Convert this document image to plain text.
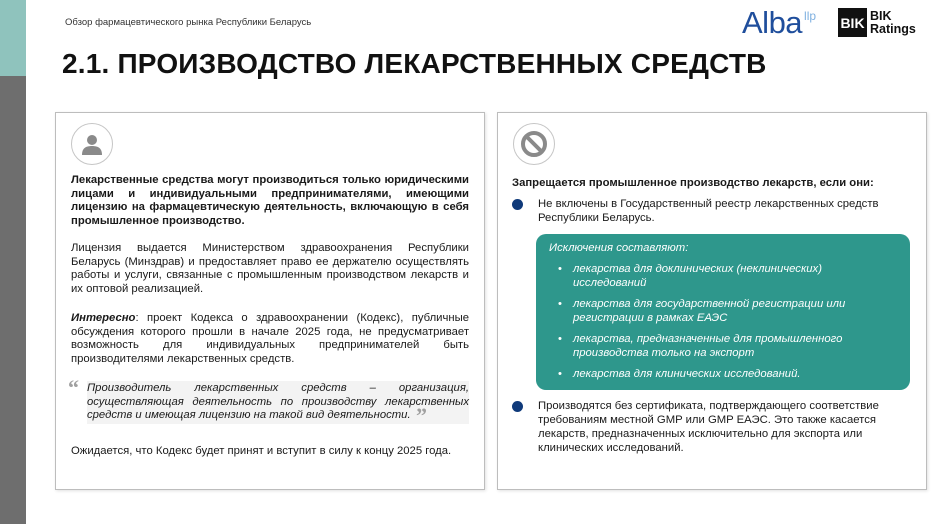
Обзор фармацевтического рынка Республики Беларусь
2.1. ПРОИЗВОДСТВО ЛЕКАРСТВЕННЫХ СРЕДСТВ
Alba llp BIK BIK
Ratings

Лекарственные средства могут производиться только юридическими лицами и индивидуальными предпринимателями, имеющими лицензию на фармацевтическую деятельность, включающую в себя промышленное производство.

Лицензия выдается Министерством здравоохранения Республики Беларусь (Минздрав) и предоставляет право ее держателю осуществлять работы и услуги, связанные с промышленным производством лекарств и их оптовой реализацией.

Интересно: проект Кодекса о здравоохранении (Кодекс), публичные обсуждения которого прошли в начале 2025 года, не предусматривает возможность для индивидуальных предпринимателей быть производителями лекарственных средств.

“ Производитель лекарственных средств – организация, осуществляющая деятельность по производству лекарственных средств и имеющая лицензию на такой вид деятельности. ”

Ожидается, что Кодекс будет принят и вступит в силу к концу 2025 года.

Запрещается промышленное производство лекарств, если они:

Не включены в Государственный реестр лекарственных средств Республики Беларусь.
Исключения составляют:
• лекарства для доклинических (неклинических) исследований
• лекарства для государственной регистрации или регистрации в рамках ЕАЭС
• лекарства, предназначенные для промышленного производства только на экспорт
• лекарства для клинических исследований.
Производятся без сертификата, подтверждающего соответствие требованиям местной GMP или GMP ЕАЭС. Это также касается лекарств, предназначенных исключительно для экспорта или клинических исследований.
